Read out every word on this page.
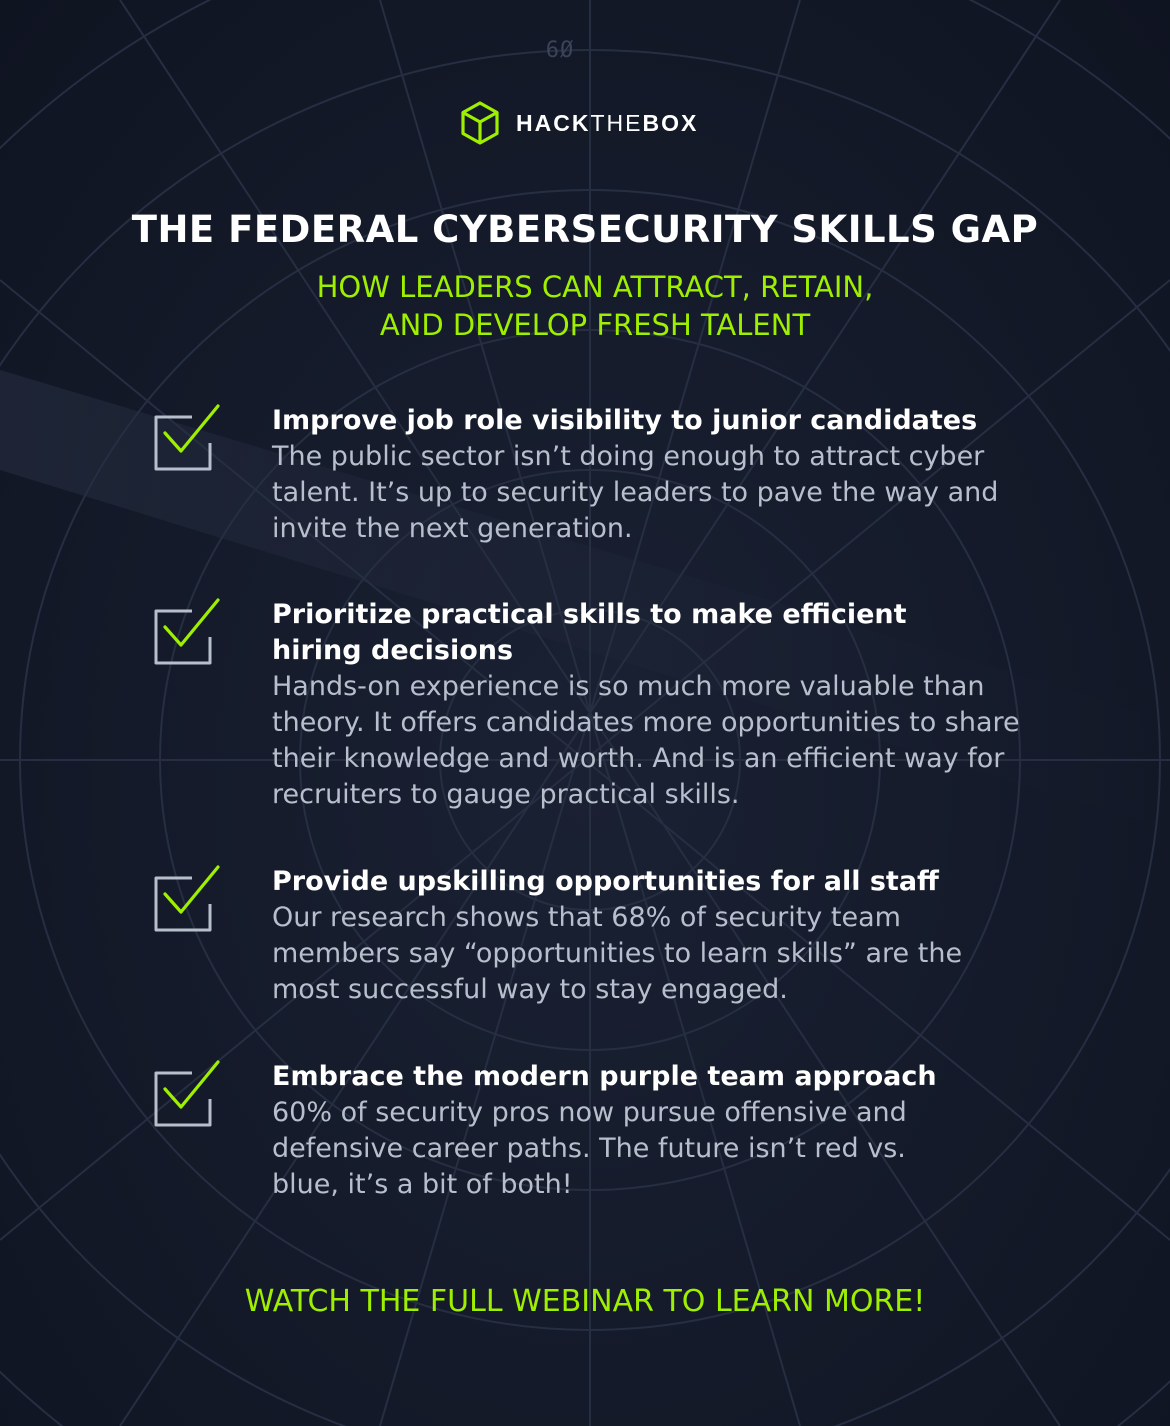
6Ø
HACKTHEBOX
THE FEDERAL CYBERSECURITY SKILLS GAP
HOW LEADERS CAN ATTRACT, RETAIN,
AND DEVELOP FRESH TALENT
Improve job role visibility to junior candidates
The public sector isn’t doing enough to attract cyber talent. It’s up to security leaders to pave the way and invite the next generation.
Prioritize practical skills to make efficient hiring decisions
Hands-on experience is so much more valuable than theory. It offers candidates more opportunities to share their knowledge and worth. And is an efficient way for recruiters to gauge practical skills.
Provide upskilling opportunities for all staff
Our research shows that 68% of security team members say “opportunities to learn skills” are the most successful way to stay engaged.
Embrace the modern purple team approach
60% of security pros now pursue offensive and defensive career paths. The future isn’t red vs. blue, it’s a bit of both!
WATCH THE FULL WEBINAR TO LEARN MORE!
